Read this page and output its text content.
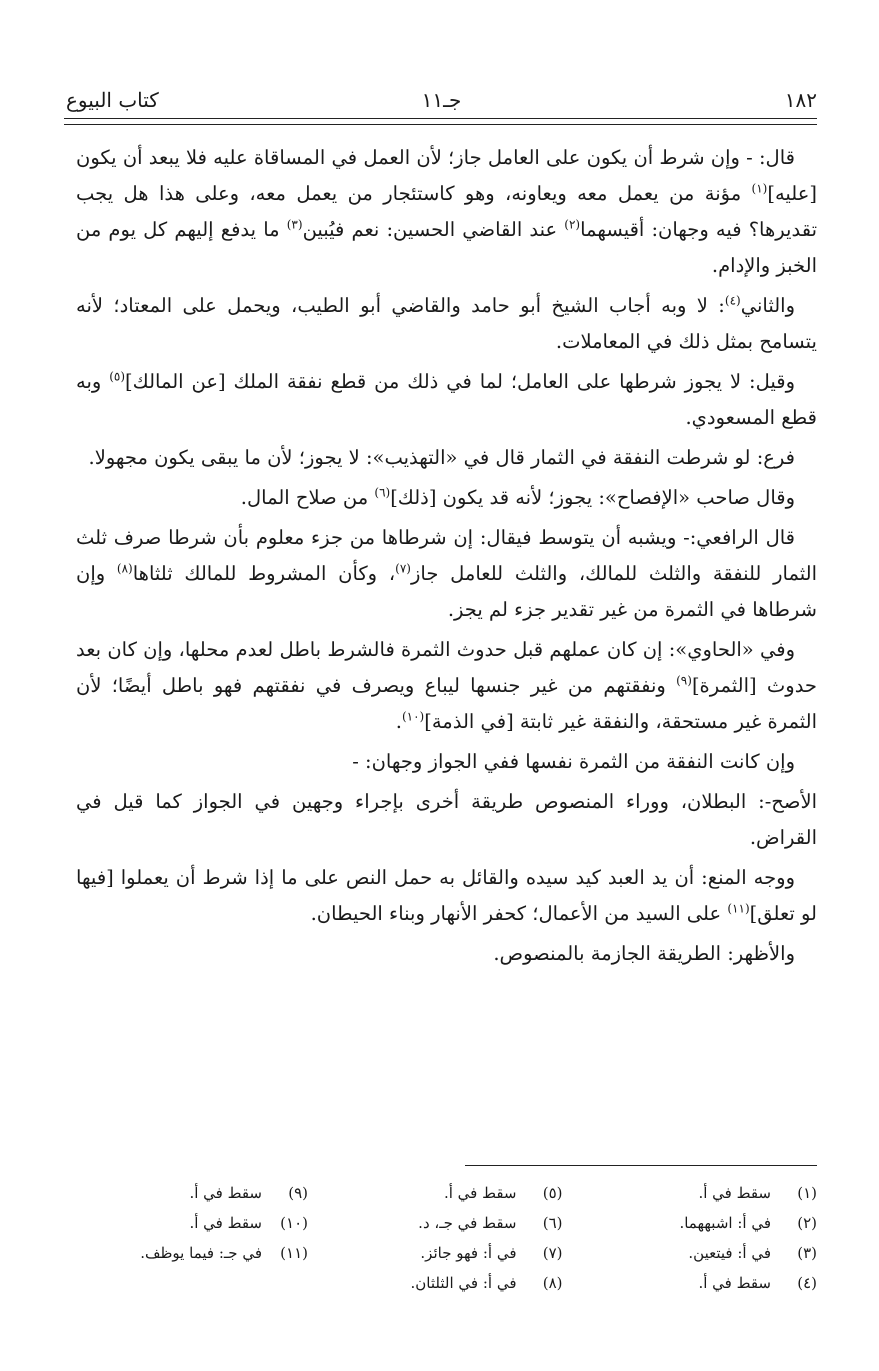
١٨٢
جـ١١
كتاب البيوع

قال: - وإن شرط أن يكون على العامل جاز؛ لأن العمل في المساقاة عليه فلا يبعد أن يكون [عليه]$^{(١)}$ مؤنة من يعمل معه ويعاونه، وهو كاستئجار من يعمل معه، وعلى هذا هل يجب تقديرها؟ فيه وجهان: أقيسهما$^{(٢)}$ عند القاضي الحسين: نعم فيُبين$^{(٣)}$ ما يدفع إليهم كل يوم من الخبز والإدام.

والثاني$^{(٤)}$: لا وبه أجاب الشيخ أبو حامد والقاضي أبو الطيب، ويحمل على المعتاد؛ لأنه يتسامح بمثل ذلك في المعاملات.

وقيل: لا يجوز شرطها على العامل؛ لما في ذلك من قطع نفقة الملك [عن المالك]$^{(٥)}$ وبه قطع المسعودي.

فرع: لو شرطت النفقة في الثمار قال في «التهذيب»: لا يجوز؛ لأن ما يبقى يكون مجهولا.

وقال صاحب «الإفصاح»: يجوز؛ لأنه قد يكون [ذلك]$^{(٦)}$ من صلاح المال.

قال الرافعي:- ويشبه أن يتوسط فيقال: إن شرطاها من جزء معلوم بأن شرطا صرف ثلث الثمار للنفقة والثلث للمالك، والثلث للعامل جاز$^{(٧)}$، وكأن المشروط للمالك ثلثاها$^{(٨)}$ وإن شرطاها في الثمرة من غير تقدير جزء لم يجز.

وفي «الحاوي»: إن كان عملهم قبل حدوث الثمرة فالشرط باطل لعدم محلها، وإن كان بعد حدوث [الثمرة]$^{(٩)}$ ونفقتهم من غير جنسها ليباع ويصرف في نفقتهم فهو باطل أيضًا؛ لأن الثمرة غير مستحقة، والنفقة غير ثابتة [في الذمة]$^{(١٠)}$.

وإن كانت النفقة من الثمرة نفسها ففي الجواز وجهان: -

الأصح-: البطلان، ووراء المنصوص طريقة أخرى بإجراء وجهين في الجواز كما قيل في القراض.

ووجه المنع: أن يد العبد كيد سيده والقائل به حمل النص على ما إذا شرط أن يعملوا [فيها لو تعلق]$^{(١١)}$ على السيد من الأعمال؛ كحفر الأنهار وبناء الحيطان.

والأظهر: الطريقة الجازمة بالمنصوص.

(١)سقط في أ.
(٢)في أ: اشبههما.
(٣)في أ: فيتعين.
(٤)سقط في أ.
(٥)سقط في أ.
(٦)سقط في جـ، د.
(٧)في أ: فهو جائز.
(٨)في أ: في الثلثان.
(٩)سقط في أ.
(١٠)سقط في أ.
(١١)في جـ: فيما يوظف.
